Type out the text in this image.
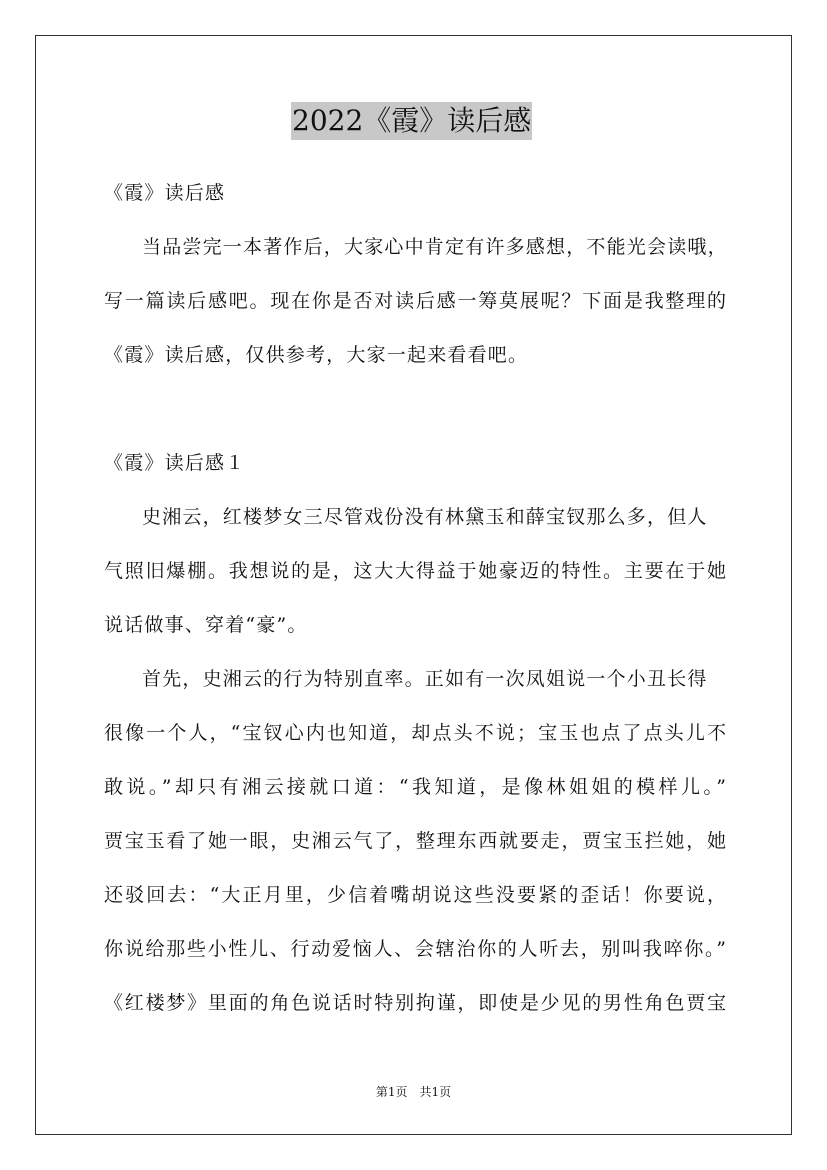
2022《霞》读后感
《霞》读后感
当品尝完一本著作后，大家心中肯定有许多感想，不能光会读哦，
写一篇读后感吧。现在你是否对读后感一筹莫展呢？下面是我整理的
《霞》读后感，仅供参考，大家一起来看看吧。
《霞》读后感１
史湘云，红楼梦女三尽管戏份没有林黛玉和薛宝钗那么多，但人
气照旧爆棚。我想说的是，这大大得益于她豪迈的特性。主要在于她
说话做事、穿着“豪”。
首先，史湘云的行为特别直率。正如有一次凤姐说一个小丑长得
很像一个人，“宝钗心内也知道，却点头不说；宝玉也点了点头儿不
敢说。”却只有湘云接就口道：“我知道，是像林姐姐的模样儿。”
贾宝玉看了她一眼，史湘云气了，整理东西就要走，贾宝玉拦她，她
还驳回去：“大正月里，少信着嘴胡说这些没要紧的歪话！你要说，
你说给那些小性儿、行动爱恼人、会辖治你的人听去，别叫我啐你。”
《红楼梦》里面的角色说话时特别拘谨，即使是少见的男性角色贾宝
第1页　共1页
